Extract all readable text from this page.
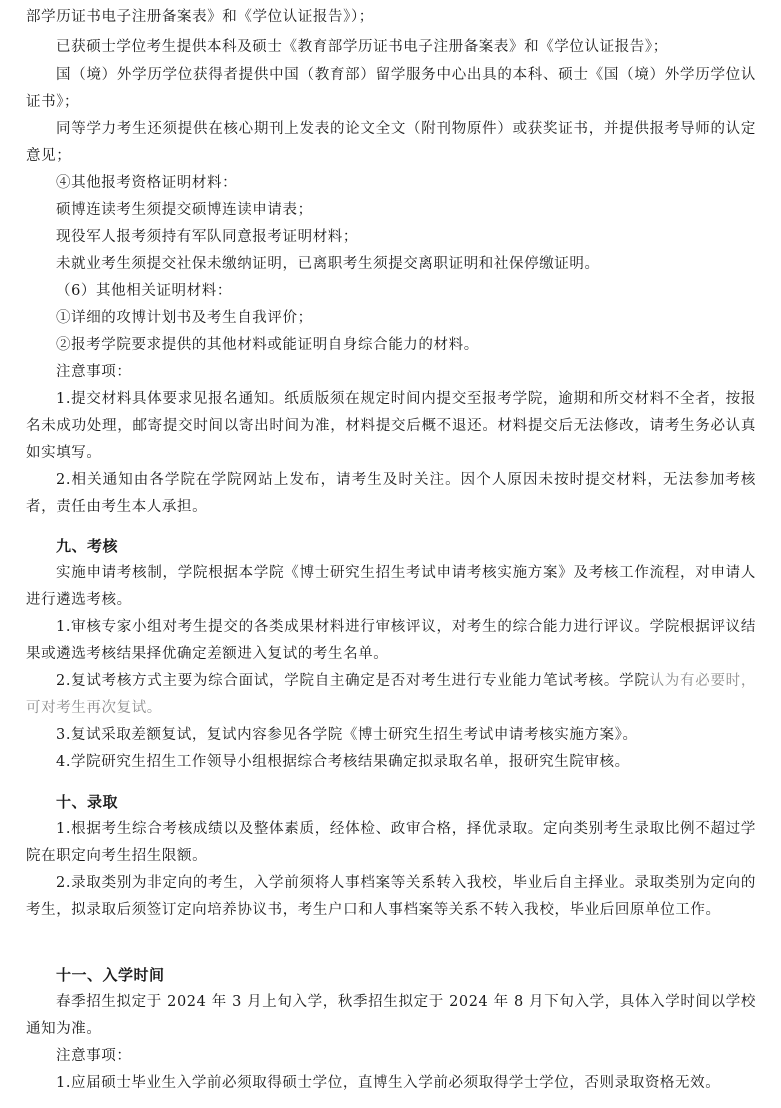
部学历证书电子注册备案表》和《学位认证报告》）；

已获硕士学位考生提供本科及硕士《教育部学历证书电子注册备案表》和《学位认证报告》；

国（境）外学历学位获得者提供中国（教育部）留学服务中心出具的本科、硕士《国（境）外学历学位认证书》；

同等学力考生还须提供在核心期刊上发表的论文全文（附刊物原件）或获奖证书，并提供报考导师的认定意见；

④其他报考资格证明材料：

硕博连读考生须提交硕博连读申请表；

现役军人报考须持有军队同意报考证明材料；

未就业考生须提交社保未缴纳证明，已离职考生须提交离职证明和社保停缴证明。

（6）其他相关证明材料：

①详细的攻博计划书及考生自我评价；

②报考学院要求提供的其他材料或能证明自身综合能力的材料。

注意事项：

1.提交材料具体要求见报名通知。纸质版须在规定时间内提交至报考学院，逾期和所交材料不全者，按报名未成功处理，邮寄提交时间以寄出时间为准，材料提交后概不退还。材料提交后无法修改，请考生务必认真如实填写。

2.相关通知由各学院在学院网站上发布，请考生及时关注。因个人原因未按时提交材料，无法参加考核者，责任由考生本人承担。

九、考核

实施申请考核制，学院根据本学院《博士研究生招生考试申请考核实施方案》及考核工作流程，对申请人进行遴选考核。

1.审核专家小组对考生提交的各类成果材料进行审核评议，对考生的综合能力进行评议。学院根据评议结果或遴选考核结果择优确定差额进入复试的考生名单。

2.复试考核方式主要为综合面试，学院自主确定是否对考生进行专业能力笔试考核。学院认为有必要时，可对考生再次复试。

3.复试采取差额复试，复试内容参见各学院《博士研究生招生考试申请考核实施方案》。

4.学院研究生招生工作领导小组根据综合考核结果确定拟录取名单，报研究生院审核。

十、录取

1.根据考生综合考核成绩以及整体素质，经体检、政审合格，择优录取。定向类别考生录取比例不超过学院在职定向考生招生限额。

2.录取类别为非定向的考生，入学前须将人事档案等关系转入我校，毕业后自主择业。录取类别为定向的考生，拟录取后须签订定向培养协议书，考生户口和人事档案等关系不转入我校，毕业后回原单位工作。

十一、入学时间

春季招生拟定于 2024 年 3 月上旬入学，秋季招生拟定于 2024 年 8 月下旬入学，具体入学时间以学校通知为准。

注意事项：

1.应届硕士毕业生入学前必须取得硕士学位，直博生入学前必须取得学士学位，否则录取资格无效。
